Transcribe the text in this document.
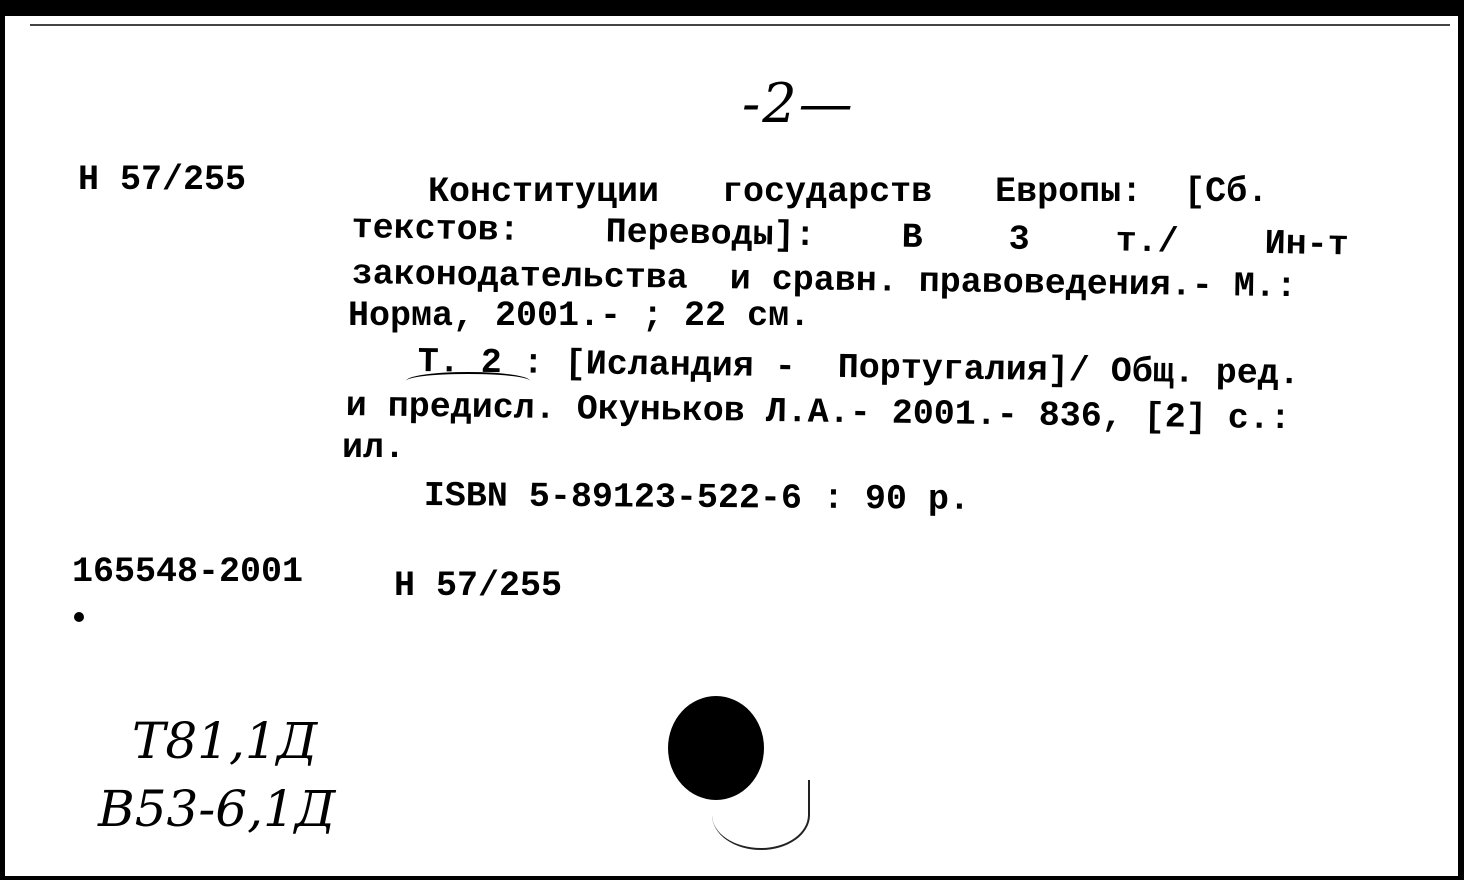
-2—
Н 57/255	Конституции   государств   Европы:  [Сб.
текстов:  Переводы]:  В  3  т./  Ин-т
законодательства  и сравн. правоведения.- М.:
Норма, 2001.- ; 22 см.
Т. 2 : [Исландия -  Португалия]/ Общ. ред.
и предисл. Окуньков Л.А.- 2001.- 836, [2] с.:
ил.
ISBN 5-89123-522-6 : 90 р.
165548-2001	Н 57/255
Т81,1Д
В53-6,1Д
